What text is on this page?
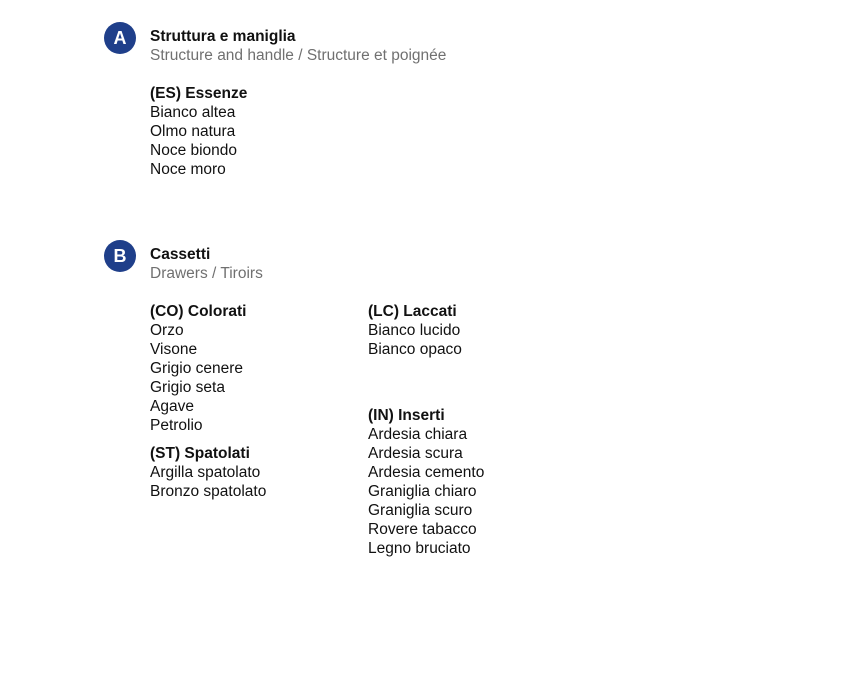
A	Struttura e maniglia
Structure and handle / Structure et poignée
(ES) Essenze
Bianco altea
Olmo natura
Noce biondo
Noce moro
B	Cassetti
Drawers / Tiroirs
(CO) Colorati
Orzo
Visone
Grigio cenere
Grigio seta
Agave
Petrolio
(ST) Spatolati
Argilla spatolato
Bronzo spatolato
(LC) Laccati
Bianco lucido
Bianco opaco
(IN) Inserti
Ardesia chiara
Ardesia scura
Ardesia cemento
Graniglia chiaro
Graniglia scuro
Rovere tabacco
Legno bruciato
